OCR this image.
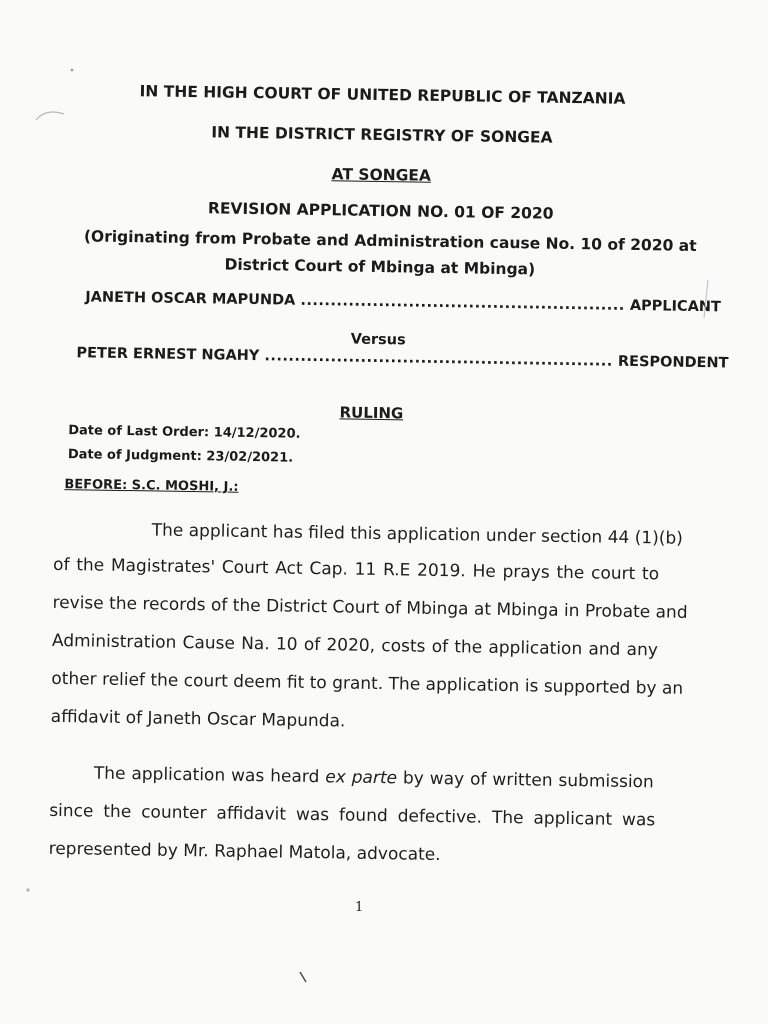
IN THE HIGH COURT OF UNITED REPUBLIC OF TANZANIA
IN THE DISTRICT REGISTRY OF SONGEA
AT SONGEA
REVISION APPLICATION NO. 01 OF 2020
(Originating from Probate and Administration cause No. 10 of 2020 at
District Court of Mbinga at Mbinga)
JANETH OSCAR MAPUNDA ...................................................... APPLICANT
Versus
PETER ERNEST NGAHY .......................................................... RESPONDENT
RULING
Date of Last Order: 14/12/2020.
Date of Judgment: 23/02/2021.
BEFORE: S.C. MOSHI, J.:
The applicant has filed this application under section 44 (1)(b)
of the Magistrates' Court Act Cap. 11 R.E 2019. He prays the court to
revise the records of the District Court of Mbinga at Mbinga in Probate and
Administration Cause Na. 10 of 2020, costs of the application and any
other relief the court deem fit to grant. The application is supported by an
affidavit of Janeth Oscar Mapunda.
The application was heard ex parte by way of written submission
since the counter affidavit was found defective. The applicant was
represented by Mr. Raphael Matola, advocate.
1
